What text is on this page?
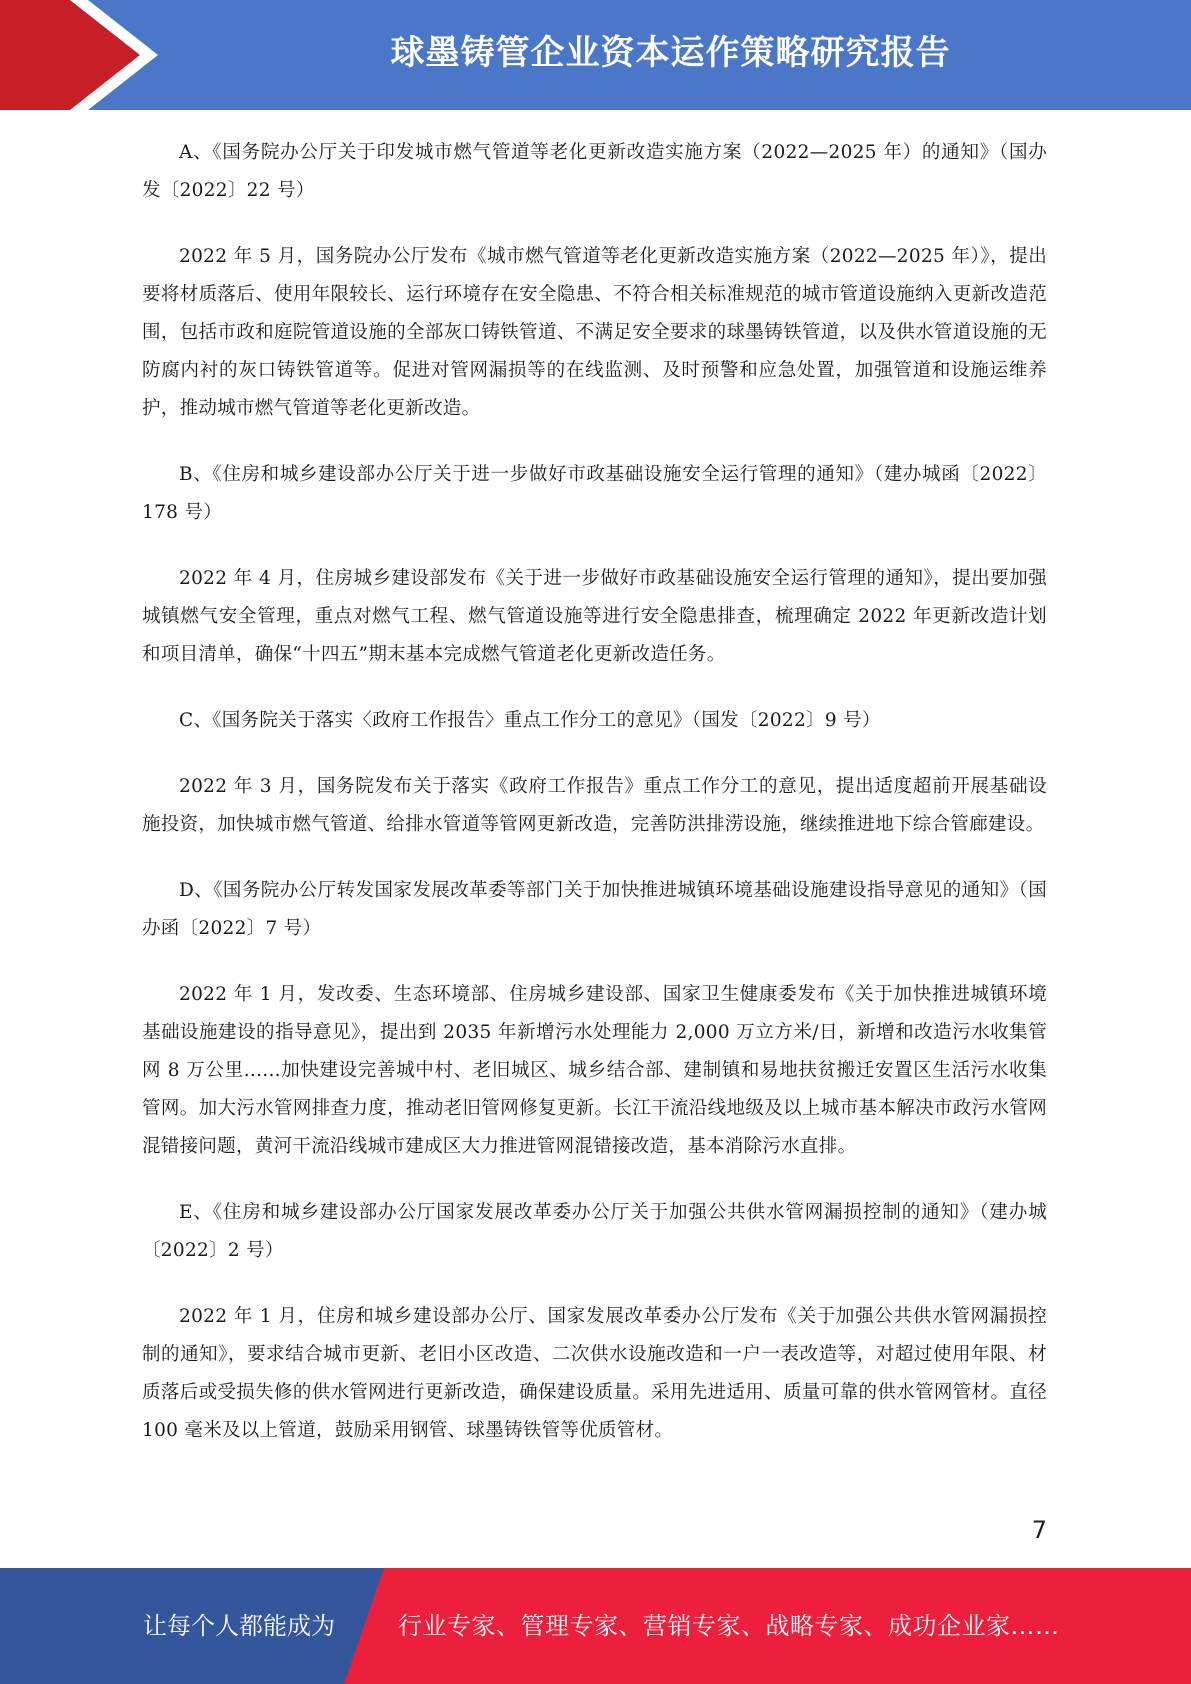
球墨铸管企业资本运作策略研究报告

A、《国务院办公厅关于印发城市燃气管道等老化更新改造实施方案（2022—2025 年）的通知》（国办发〔2022〕22 号）

2022 年 5 月，国务院办公厅发布《城市燃气管道等老化更新改造实施方案（2022—2025 年）》，提出要将材质落后、使用年限较长、运行环境存在安全隐患、不符合相关标准规范的城市管道设施纳入更新改造范围，包括市政和庭院管道设施的全部灰口铸铁管道、不满足安全要求的球墨铸铁管道，以及供水管道设施的无防腐内衬的灰口铸铁管道等。促进对管网漏损等的在线监测、及时预警和应急处置，加强管道和设施运维养护，推动城市燃气管道等老化更新改造。

B、《住房和城乡建设部办公厅关于进一步做好市政基础设施安全运行管理的通知》（建办城函〔2022〕178 号）

2022 年 4 月，住房城乡建设部发布《关于进一步做好市政基础设施安全运行管理的通知》，提出要加强城镇燃气安全管理，重点对燃气工程、燃气管道设施等进行安全隐患排查，梳理确定 2022 年更新改造计划和项目清单，确保“十四五”期末基本完成燃气管道老化更新改造任务。

C、《国务院关于落实〈政府工作报告〉重点工作分工的意见》（国发〔2022〕9 号）

2022 年 3 月，国务院发布关于落实《政府工作报告》重点工作分工的意见，提出适度超前开展基础设施投资，加快城市燃气管道、给排水管道等管网更新改造，完善防洪排涝设施，继续推进地下综合管廊建设。

D、《国务院办公厅转发国家发展改革委等部门关于加快推进城镇环境基础设施建设指导意见的通知》（国办函〔2022〕7 号）

2022 年 1 月，发改委、生态环境部、住房城乡建设部、国家卫生健康委发布《关于加快推进城镇环境基础设施建设的指导意见》，提出到 2035 年新增污水处理能力 2,000 万立方米/日，新增和改造污水收集管网 8 万公里......加快建设完善城中村、老旧城区、城乡结合部、建制镇和易地扶贫搬迁安置区生活污水收集管网。加大污水管网排查力度，推动老旧管网修复更新。长江干流沿线地级及以上城市基本解决市政污水管网混错接问题，黄河干流沿线城市建成区大力推进管网混错接改造，基本消除污水直排。

E、《住房和城乡建设部办公厅国家发展改革委办公厅关于加强公共供水管网漏损控制的通知》（建办城〔2022〕2 号）

2022 年 1 月，住房和城乡建设部办公厅、国家发展改革委办公厅发布《关于加强公共供水管网漏损控制的通知》，要求结合城市更新、老旧小区改造、二次供水设施改造和一户一表改造等，对超过使用年限、材质落后或受损失修的供水管网进行更新改造，确保建设质量。采用先进适用、质量可靠的供水管网管材。直径 100 毫米及以上管道，鼓励采用钢管、球墨铸铁管等优质管材。

7
让每个人都能成为	行业专家、管理专家、营销专家、战略专家、成功企业家……
